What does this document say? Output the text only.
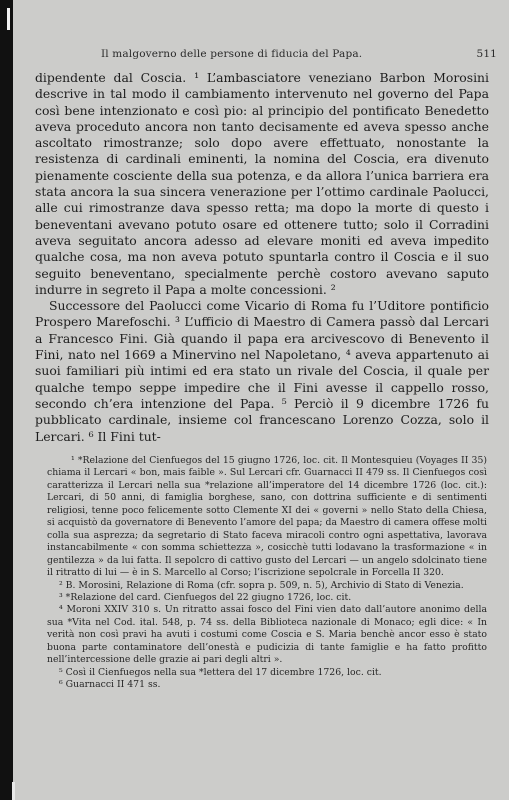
Il malgoverno delle persone di fiducia del Papa.	511

dipendente dal Coscia. ¹ L’ambasciatore veneziano Barbon Morosini descrive in tal modo il cambiamento intervenuto nel governo del Papa così bene intenzionato e così pio: al principio del pontificato Benedetto aveva proceduto ancora non tanto decisamente ed aveva spesso anche ascoltato rimostranze; solo dopo avere effettuato, nonostante la resistenza di cardinali eminenti, la nomina del Coscia, era divenuto pienamente cosciente della sua potenza, e da allora l’unica barriera era stata ancora la sua sincera venerazione per l’ottimo cardinale Paolucci, alle cui rimostranze dava spesso retta; ma dopo la morte di questo i beneventani avevano potuto osare ed ottenere tutto; solo il Corradini aveva seguitato ancora adesso ad elevare moniti ed aveva impedito qualche cosa, ma non aveva potuto spuntarla contro il Coscia e il suo seguito beneventano, specialmente perchè costoro avevano saputo indurre in segreto il Papa a molte concessioni. ²

Successore del Paolucci come Vicario di Roma fu l’Uditore pontificio Prospero Marefoschi. ³ L’ufficio di Maestro di Camera passò dal Lercari a Francesco Fini. Già quando il papa era arcivescovo di Benevento il Fini, nato nel 1669 a Minervino nel Napoletano, ⁴ aveva appartenuto ai suoi familiari più intimi ed era stato un rivale del Coscia, il quale per qualche tempo seppe impedire che il Fini avesse il cappello rosso, secondo ch’era intenzione del Papa. ⁵ Perciò il 9 dicembre 1726 fu pubblicato cardinale, insieme col francescano Lorenzo Cozza, solo il Lercari. ⁶ Il Fini tut-

¹ *Relazione del Cienfuegos del 15 giugno 1726, loc. cit. Il Montesquieu (Voyages II 35) chiama il Lercari « bon, mais faible ». Sul Lercari cfr. Guarnacci II 479 ss. Il Cienfuegos così caratterizza il Lercari nella sua *relazione all’imperatore del 14 dicembre 1726 (loc. cit.): Lercari, di 50 anni, di famiglia borghese, sano, con dottrina sufficiente e di sentimenti religiosi, tenne poco felicemente sotto Clemente XI dei « governi » nello Stato della Chiesa, si acquistò da governatore di Benevento l’amore del papa; da Maestro di camera offese molti colla sua asprezza; da segretario di Stato faceva miracoli contro ogni aspettativa, lavorava instancabilmente « con somma schiettezza », cosicchè tutti lodavano la trasformazione « in gentilezza » da lui fatta. Il sepolcro di cattivo gusto del Lercari — un angelo sdolcinato tiene il ritratto di lui — è in S. Marcello al Corso; l’iscrizione sepolcrale in Forcella II 320.

² B. Morosini, Relazione di Roma (cfr. sopra p. 509, n. 5), Archivio di Stato di Venezia.

³ *Relazione del card. Cienfuegos del 22 giugno 1726, loc. cit.

⁴ Moroni XXIV 310 s. Un ritratto assai fosco del Fini vien dato dall’autore anonimo della sua *Vita nel Cod. ital. 548, p. 74 ss. della Biblioteca nazionale di Monaco; egli dice: « In verità non così pravi ha avuti i costumi come Coscia e S. Maria benchè ancor esso è stato buona parte contaminatore dell’onestà e pudicizia di tante famiglie e ha fatto profitto nell’intercessione delle grazie ai pari degli altri ».

⁵ Così il Cienfuegos nella sua *lettera del 17 dicembre 1726, loc. cit.

⁶ Guarnacci II 471 ss.
